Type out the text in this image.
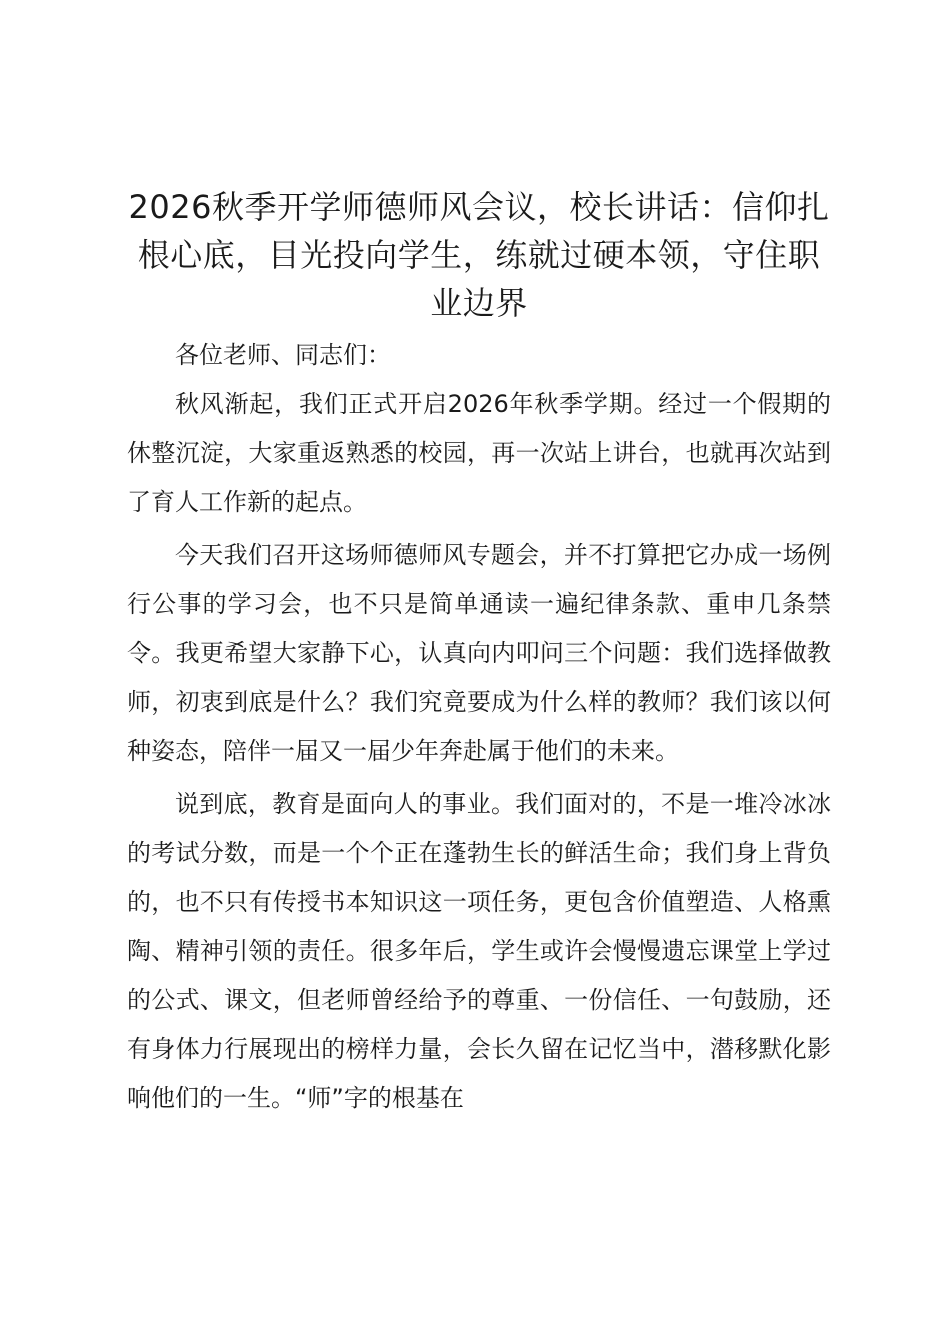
2026秋季开学师德师风会议，校长讲话：信仰扎根心底，目光投向学生，练就过硬本领，守住职业边界

各位老师、同志们：

秋风渐起，我们正式开启2026年秋季学期。经过一个假期的休整沉淀，大家重返熟悉的校园，再一次站上讲台，也就再次站到了育人工作新的起点。

今天我们召开这场师德师风专题会，并不打算把它办成一场例行公事的学习会，也不只是简单通读一遍纪律条款、重申几条禁令。我更希望大家静下心，认真向内叩问三个问题：我们选择做教师，初衷到底是什么？我们究竟要成为什么样的教师？我们该以何种姿态，陪伴一届又一届少年奔赴属于他们的未来。

说到底，教育是面向人的事业。我们面对的，不是一堆冷冰冰的考试分数，而是一个个正在蓬勃生长的鲜活生命；我们身上背负的，也不只有传授书本知识这一项任务，更包含价值塑造、人格熏陶、精神引领的责任。很多年后，学生或许会慢慢遗忘课堂上学过的公式、课文，但老师曾经给予的尊重、一份信任、一句鼓励，还有身体力行展现出的榜样力量，会长久留在记忆当中，潜移默化影响他们的一生。“师”字的根基在
